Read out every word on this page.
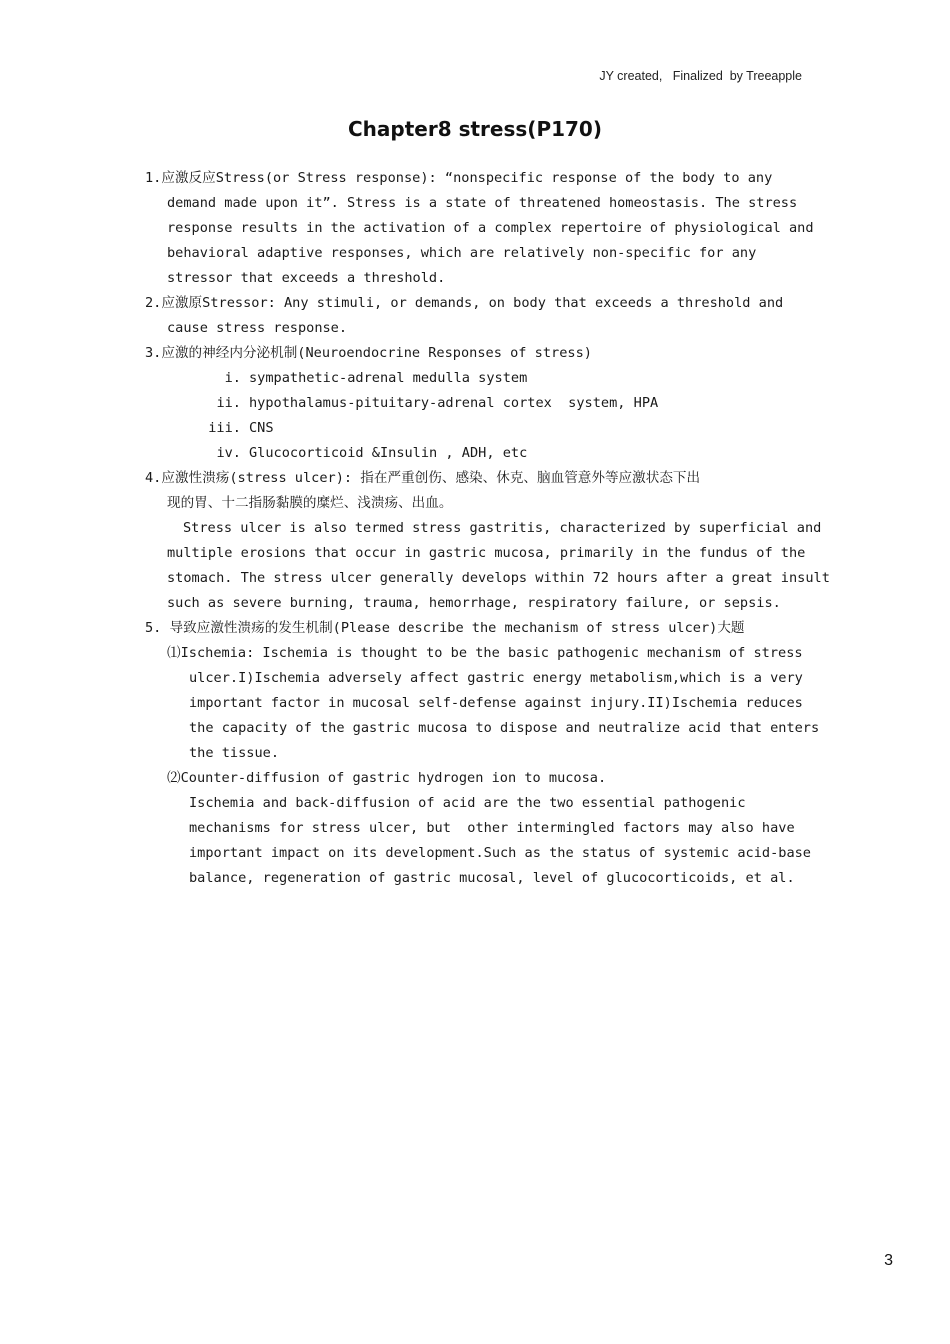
JY created,   Finalized  by Treeapple
Chapter8 stress(P170)
1.应激反应Stress(or Stress response): “nonspecific response of the body to any
demand made upon it”. Stress is a state of threatened homeostasis. The stress
response results in the activation of a complex repertoire of physiological and
behavioral adaptive responses, which are relatively non-specific for any
stressor that exceeds a threshold.
2.应激原Stressor: Any stimuli, or demands, on body that exceeds a threshold and
cause stress response.
3.应激的神经内分泌机制(Neuroendocrine Responses of stress)
i. sympathetic-adrenal medulla system
ii. hypothalamus-pituitary-adrenal cortex  system, HPA
iii. CNS
iv. Glucocorticoid &Insulin , ADH, etc
4.应激性溃疡(stress ulcer): 指在严重创伤、感染、休克、脑血管意外等应激状态下出
现的胃、十二指肠黏膜的糜烂、浅溃疡、出血。
Stress ulcer is also termed stress gastritis, characterized by superficial and
multiple erosions that occur in gastric mucosa, primarily in the fundus of the
stomach. The stress ulcer generally develops within 72 hours after a great insult
such as severe burning, trauma, hemorrhage, respiratory failure, or sepsis.
5. 导致应激性溃疡的发生机制(Please describe the mechanism of stress ulcer)大题
⑴Ischemia: Ischemia is thought to be the basic pathogenic mechanism of stress
ulcer.I)Ischemia adversely affect gastric energy metabolism,which is a very
important factor in mucosal self-defense against injury.II)Ischemia reduces
the capacity of the gastric mucosa to dispose and neutralize acid that enters
the tissue.
⑵Counter-diffusion of gastric hydrogen ion to mucosa.
Ischemia and back-diffusion of acid are the two essential pathogenic
mechanisms for stress ulcer, but  other intermingled factors may also have
important impact on its development.Such as the status of systemic acid-base
balance, regeneration of gastric mucosal, level of glucocorticoids, et al.
3
